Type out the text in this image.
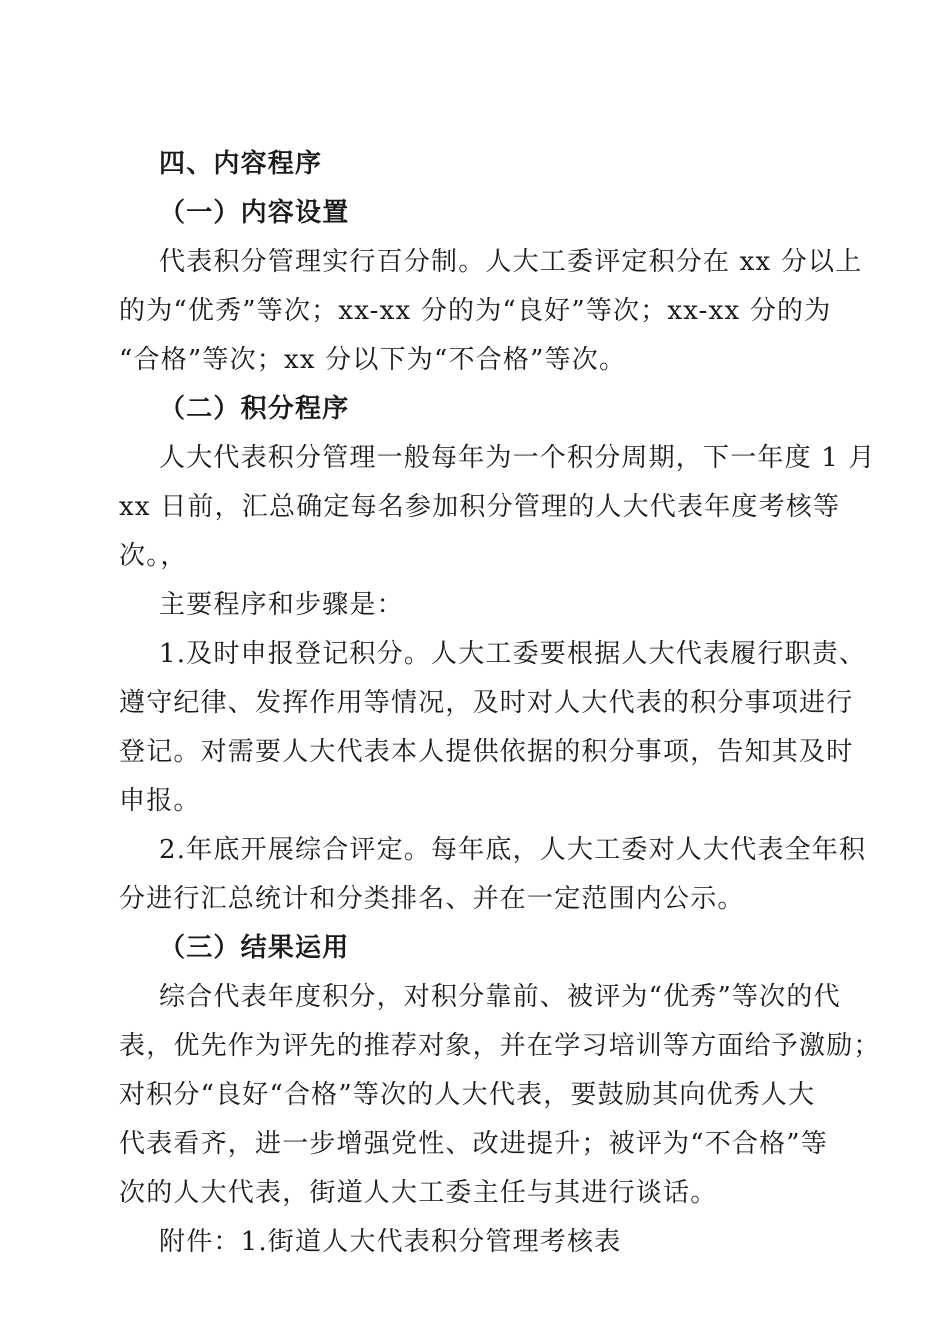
四、内容程序
（一）内容设置
代表积分管理实行百分制。人大工委评定积分在 xx 分以上
的为“优秀”等次；xx-xx 分的为“良好”等次；xx-xx 分的为
“合格”等次；xx 分以下为“不合格”等次。
（二）积分程序
人大代表积分管理一般每年为一个积分周期，下一年度 1 月
xx 日前，汇总确定每名参加积分管理的人大代表年度考核等
次。，
主要程序和步骤是：
1.及时申报登记积分。人大工委要根据人大代表履行职责、
遵守纪律、发挥作用等情况，及时对人大代表的积分事项进行
登记。对需要人大代表本人提供依据的积分事项，告知其及时
申报。
2.年底开展综合评定。每年底，人大工委对人大代表全年积
分进行汇总统计和分类排名、并在一定范围内公示。
（三）结果运用
综合代表年度积分，对积分靠前、被评为“优秀”等次的代
表，优先作为评先的推荐对象，并在学习培训等方面给予激励；
对积分“良好“合格”等次的人大代表，要鼓励其向优秀人大
代表看齐，进一步增强党性、改进提升；被评为“不合格”等
次的人大代表，街道人大工委主任与其进行谈话。
附件：1.街道人大代表积分管理考核表
